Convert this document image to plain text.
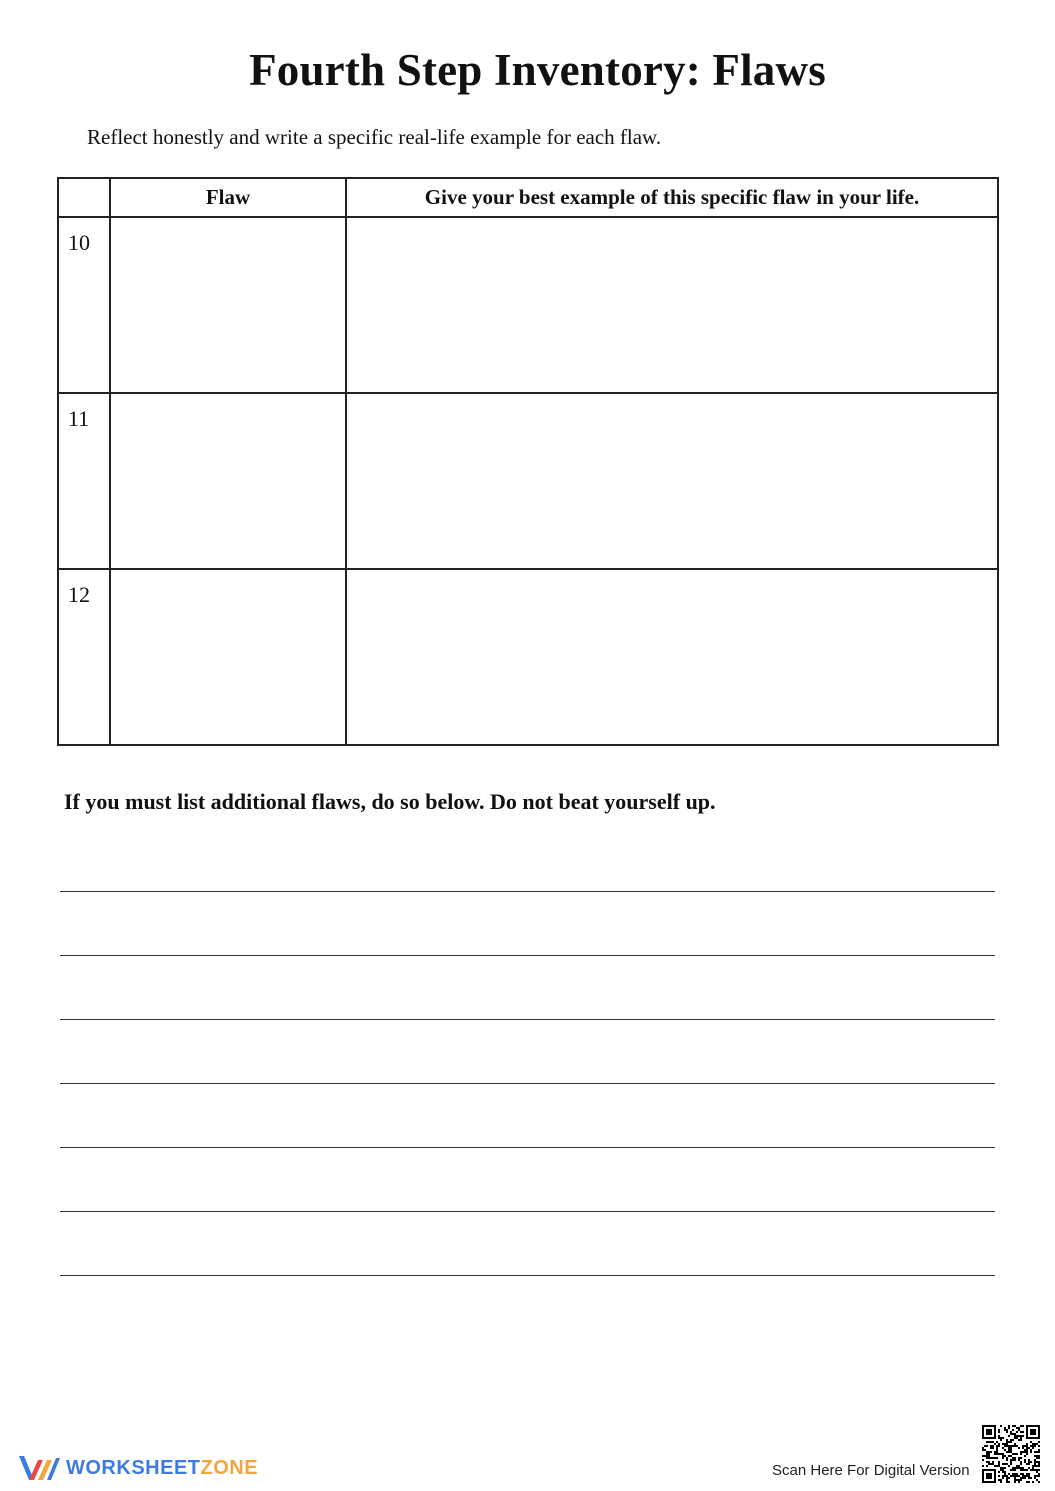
Fourth Step Inventory: Flaws
Reflect honestly and write a specific real-life example for each flaw.
	Flaw	Give your best example of this specific flaw in your life.

10		

11		

12		

If you must list additional flaws, do so below. Do not beat yourself up.
WORKSHEETZONE	Scan Here For Digital Version
